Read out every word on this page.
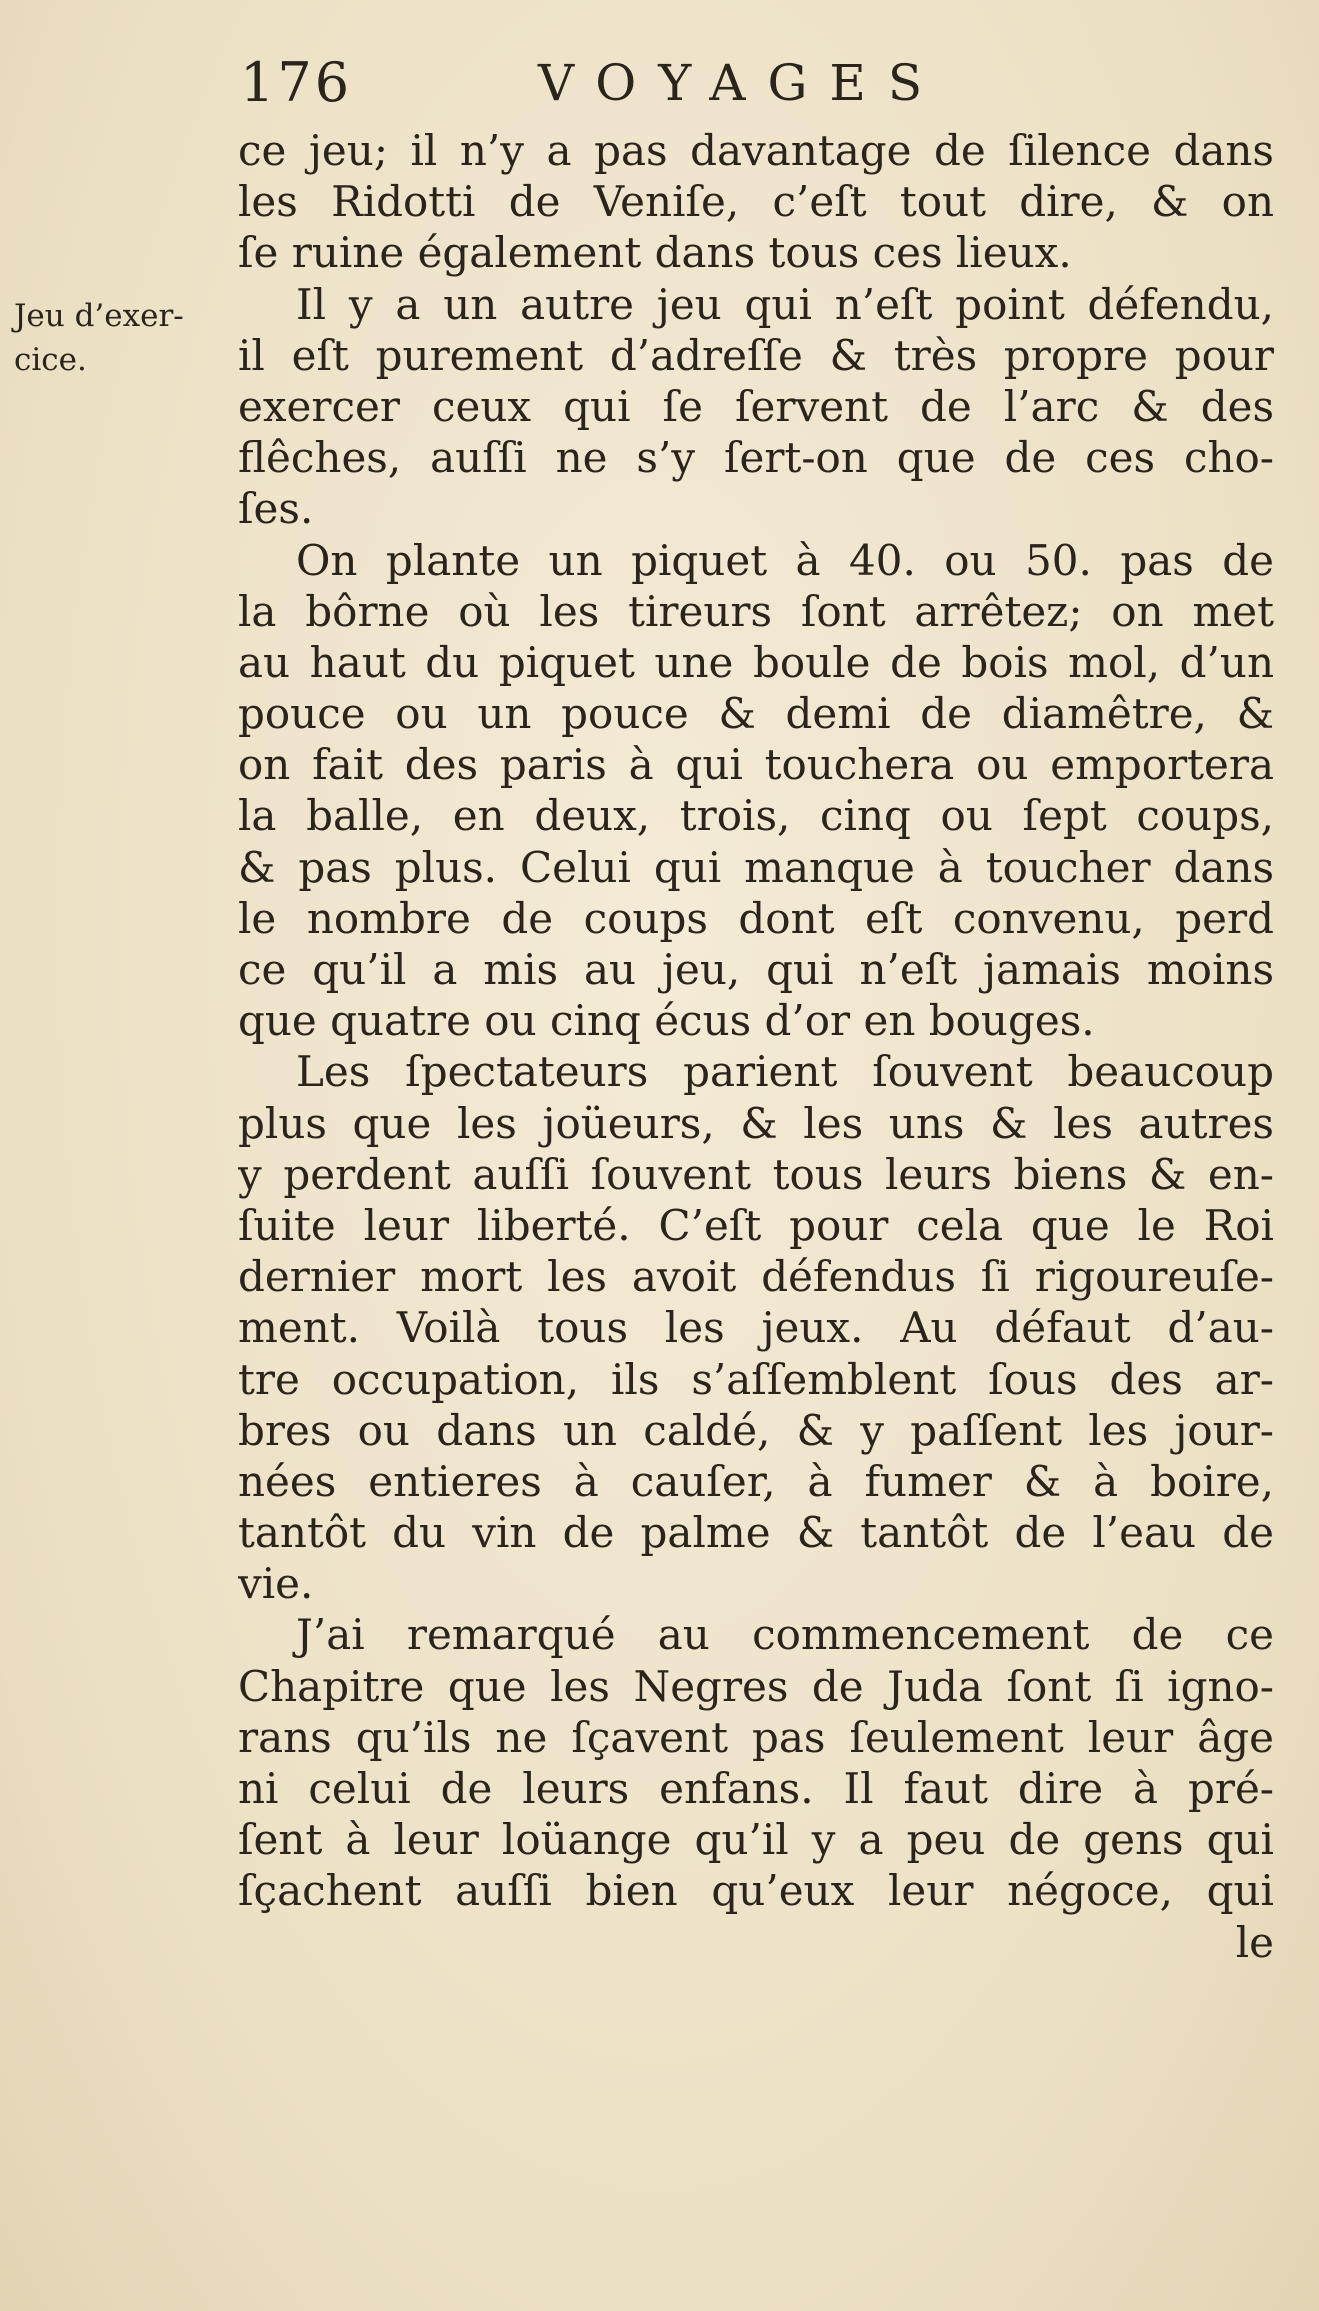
176	VOYAGES
Jeu d’exer-
cice.
ce jeu; il n’y a pas davantage de ſilence dans
les Ridotti de Veniſe, c’eſt tout dire, & on
ſe ruine également dans tous ces lieux.
Il y a un autre jeu qui n’eſt point défendu,
il eſt purement d’adreſſe & très propre pour
exercer ceux qui ſe ſervent de l’arc & des
flêches, auſſi ne s’y ſert-on que de ces cho-
ſes.
On plante un piquet à 40. ou 50. pas de
la bôrne où les tireurs ſont arrêtez; on met
au haut du piquet une boule de bois mol, d’un
pouce ou un pouce & demi de diamêtre, &
on fait des paris à qui touchera ou emportera
la balle, en deux, trois, cinq ou ſept coups,
& pas plus. Celui qui manque à toucher dans
le nombre de coups dont eſt convenu, perd
ce qu’il a mis au jeu, qui n’eſt jamais moins
que quatre ou cinq écus d’or en bouges.
Les ſpectateurs parient ſouvent beaucoup
plus que les joüeurs, & les uns & les autres
y perdent auſſi ſouvent tous leurs biens & en-
ſuite leur liberté. C’eſt pour cela que le Roi
dernier mort les avoit défendus ſi rigoureuſe-
ment. Voilà tous les jeux. Au défaut d’au-
tre occupation, ils s’aſſemblent ſous des ar-
bres ou dans un caldé, & y paſſent les jour-
nées entieres à cauſer, à fumer & à boire,
tantôt du vin de palme & tantôt de l’eau de
vie.
J’ai remarqué au commencement de ce
Chapitre que les Negres de Juda ſont ſi igno-
rans qu’ils ne ſçavent pas ſeulement leur âge
ni celui de leurs enfans. Il faut dire à pré-
ſent à leur loüange qu’il y a peu de gens qui
ſçachent auſſi bien qu’eux leur négoce, qui
le
